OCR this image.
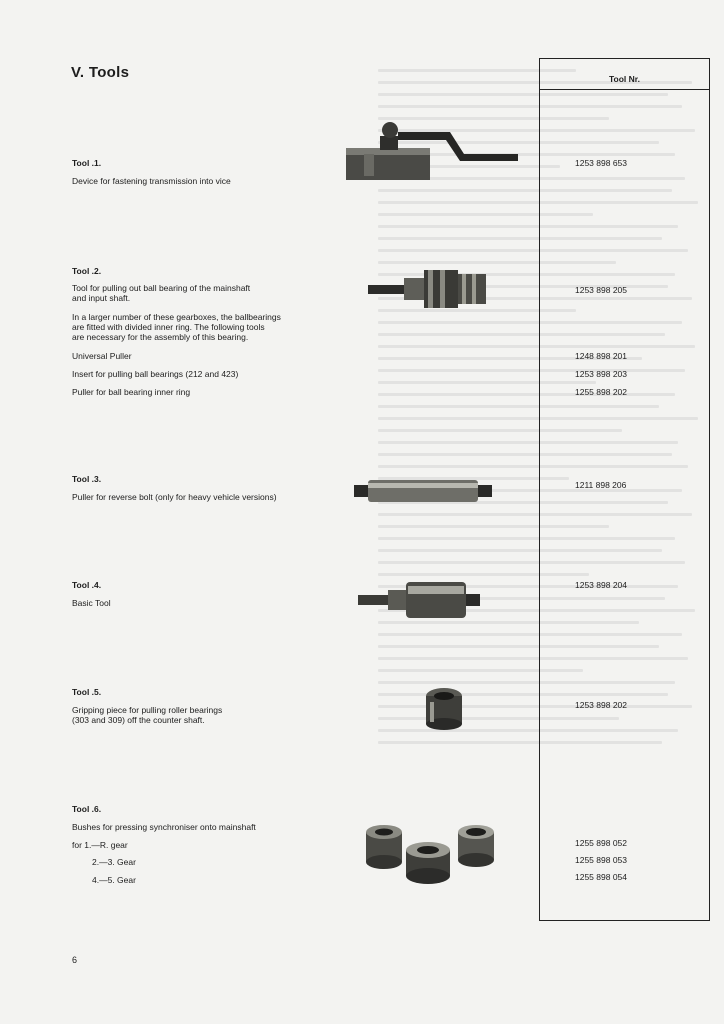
V. Tools	Tool Nr.
Tool .1.
Device for fastening transmission into vice
1253 898 653
Tool .2.
Tool for pulling out ball bearing of the mainshaft
and input shaft.
In a larger number of these gearboxes, the ballbearings
are fitted with divided inner ring. The following tools
are necessary for the assembly of this bearing.
Universal Puller
Insert for pulling ball bearings (212 and 423)
Puller for ball bearing inner ring
1253 898 205
1248 898 201
1253 898 203
1255 898 202
Tool .3.
Puller for reverse bolt (only for heavy vehicle versions)
1211 898 206
Tool .4.
Basic Tool
1253 898 204
Tool .5.
Gripping piece for pulling roller bearings
(303 and 309) off the counter shaft.
1253 898 202
Tool .6.
Bushes for pressing synchroniser onto mainshaft
for 1.—R. gear
2.—3. Gear
4.—5. Gear
1255 898 052
1255 898 053
1255 898 054
6
